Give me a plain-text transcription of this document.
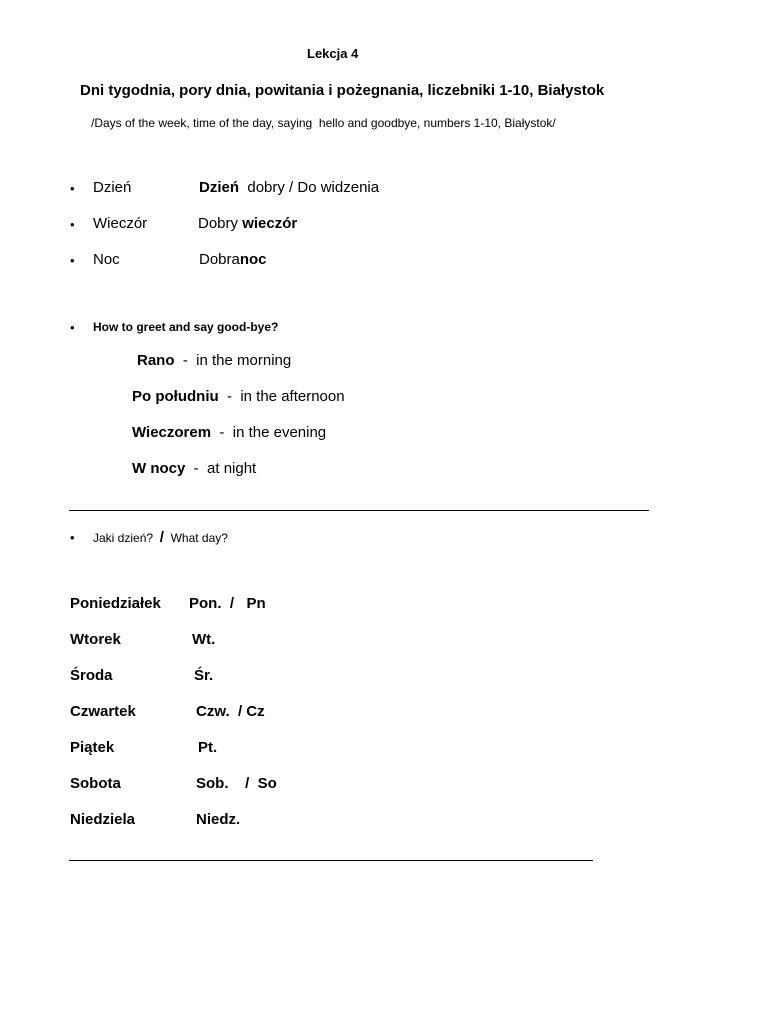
Lekcja 4
Dni tygodnia, pory dnia, powitania i pożegnania, liczebniki 1-10, Białystok
/Days of the week, time of the day, saying  hello and goodbye, numbers 1-10, Białystok/
• Dzień	Dzień  dobry / Do widzenia
• Wieczór	Dobry wieczór
• Noc	Dobranoc
• How to greet and say good-bye?
Rano  -  in the morning
Po południu  -  in the afternoon
Wieczorem  -  in the evening
W nocy  -  at night
• Jaki dzień? / What day?
Poniedziałek Pon.  /   Pn
Wtorek	Wt.
Środa	Śr.
Czwartek	Czw.  / Cz
Piątek	Pt.
Sobota	Sob.    /  So
Niedziela	Niedz.
